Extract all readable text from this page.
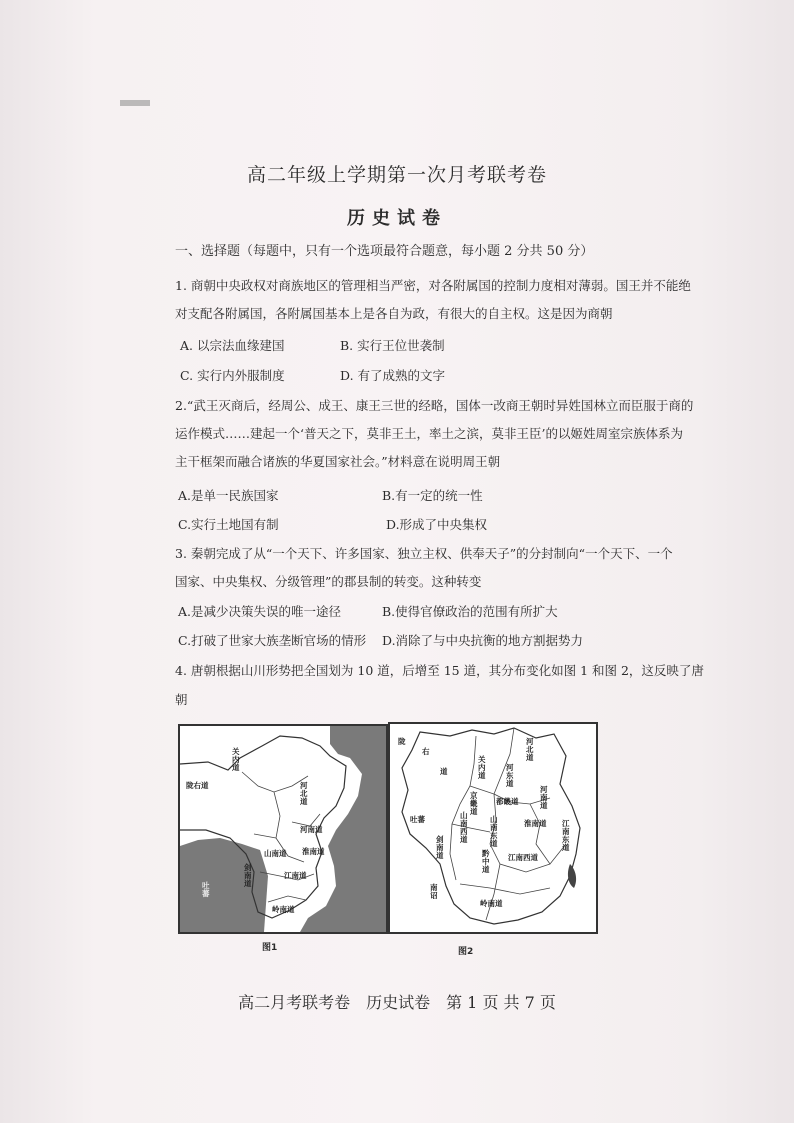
高二年级上学期第一次月考联考卷
历史试卷
一、选择题（每题中，只有一个选项最符合题意，每小题 2 分共 50 分）
1. 商朝中央政权对商族地区的管理相当严密，对各附属国的控制力度相对薄弱。国王并不能绝
对支配各附属国，各附属国基本上是各自为政，有很大的自主权。这是因为商朝
A. 以宗法血缘建国	B. 实行王位世袭制
C. 实行内外服制度	D. 有了成熟的文字
2.“武王灭商后，经周公、成王、康王三世的经略，国体一改商王朝时异姓国林立而臣服于商的
运作模式……建起一个‘普天之下，莫非王土，率土之滨，莫非王臣’的以姬姓周室宗族体系为
主干框架而融合诸族的华夏国家社会。”材料意在说明周王朝
A.是单一民族国家	B.有一定的统一性
C.实行土地国有制	D.形成了中央集权
3. 秦朝完成了从“一个天下、许多国家、独立主权、供奉天子”的分封制向“一个天下、一个
国家、中央集权、分级管理”的郡县制的转变。这种转变
A.是减少决策失误的唯一途径	B.使得官僚政治的范围有所扩大
C.打破了世家大族垄断官场的情形 D.消除了与中央抗衡的地方割据势力
4. 唐朝根据山川形势把全国划为 10 道，后增至 15 道，其分布变化如图 1 和图 2，这反映了唐
朝
关内道
河北道
陇右道
河南道
吐蕃
山南道
剑南道
江南道
岭南道
淮南道
图1
陇
右
道
关内道
河北道
河东道
河南道
京畿道
都畿道
吐蕃	山南西道
山南东道
淮南道
剑南道	黔中道
江南西道
江南东道
南诏
岭南道
图2
高二月考联考卷　历史试卷　第 1 页 共 7 页
